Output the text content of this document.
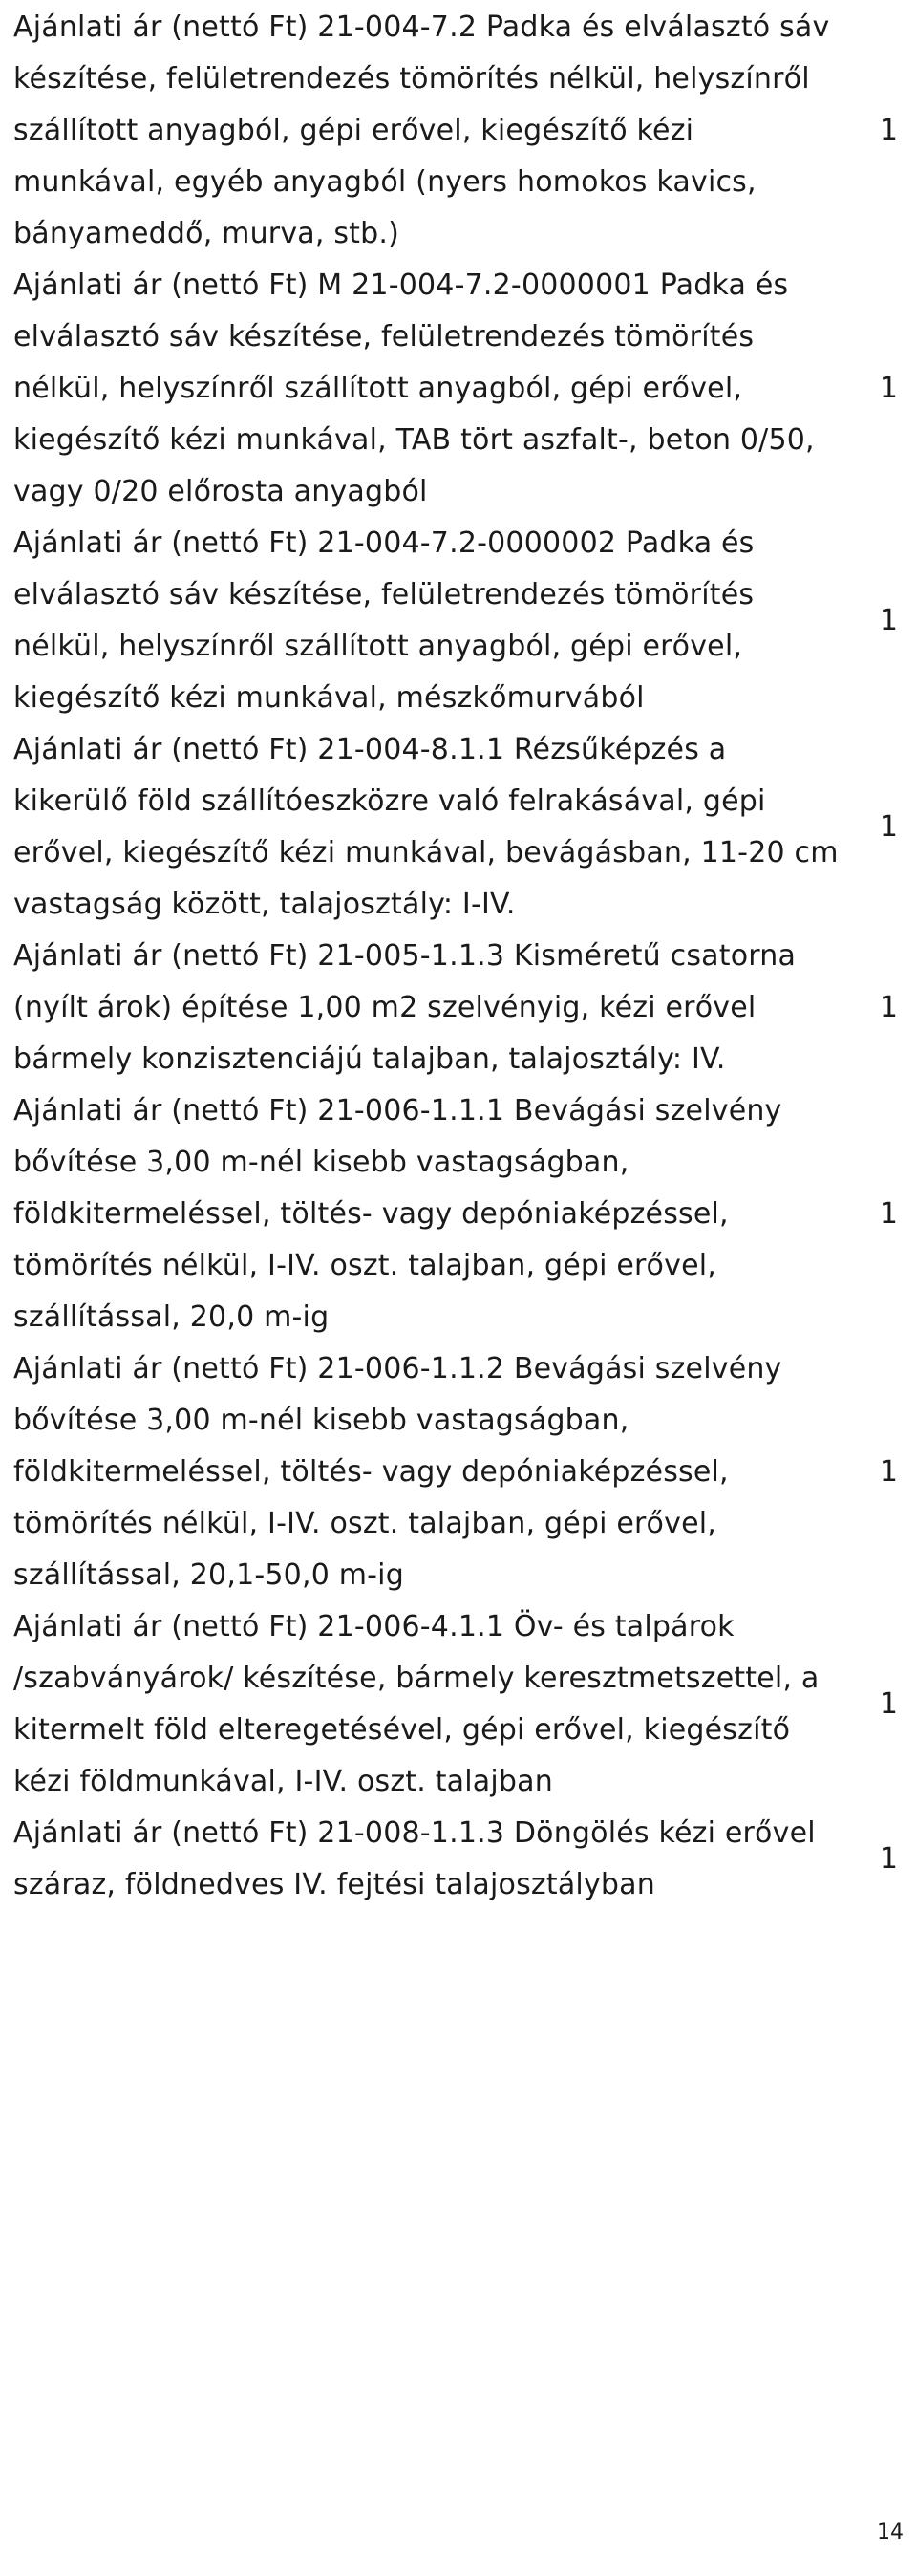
Ajánlati ár (nettó Ft) 21-004-7.2 Padka és elválasztó sáv készítése, felületrendezés tömörítés nélkül, helyszínről szállított anyagból, gépi erővel, kiegészítő kézi munkával, egyéb anyagból (nyers homokos kavics, bányameddő, murva, stb.)
1
Ajánlati ár (nettó Ft) M 21-004-7.2-0000001 Padka és elválasztó sáv készítése, felületrendezés tömörítés nélkül, helyszínről szállított anyagból, gépi erővel, kiegészítő kézi munkával, TAB tört aszfalt-, beton 0/50, vagy 0/20 előrosta anyagból
1
Ajánlati ár (nettó Ft) 21-004-7.2-0000002 Padka és elválasztó sáv készítése, felületrendezés tömörítés nélkül, helyszínről szállított anyagból, gépi erővel, kiegészítő kézi munkával, mészkőmurvából
1
Ajánlati ár (nettó Ft) 21-004-8.1.1 Rézsűképzés a kikerülő föld szállítóeszközre való felrakásával, gépi erővel, kiegészítő kézi munkával, bevágásban, 11-20 cm vastagság között, talajosztály: I-IV.
1
Ajánlati ár (nettó Ft) 21-005-1.1.3 Kisméretű csatorna (nyílt árok) építése 1,00 m2 szelvényig, kézi erővel bármely konzisztenciájú talajban, talajosztály: IV.
1
Ajánlati ár (nettó Ft) 21-006-1.1.1 Bevágási szelvény bővítése 3,00 m-nél kisebb vastagságban, földkitermeléssel, töltés- vagy depóniaképzéssel, tömörítés nélkül, I-IV. oszt. talajban, gépi erővel, szállítással, 20,0 m-ig
1
Ajánlati ár (nettó Ft) 21-006-1.1.2 Bevágási szelvény bővítése 3,00 m-nél kisebb vastagságban, földkitermeléssel, töltés- vagy depóniaképzéssel, tömörítés nélkül, I-IV. oszt. talajban, gépi erővel, szállítással, 20,1-50,0 m-ig
1
Ajánlati ár (nettó Ft) 21-006-4.1.1 Öv- és talpárok /szabványárok/ készítése, bármely keresztmetszettel, a kitermelt föld elteregetésével, gépi erővel, kiegészítő kézi földmunkával, I-IV. oszt. talajban
1
Ajánlati ár (nettó Ft) 21-008-1.1.3 Döngölés kézi erővel száraz, földnedves IV. fejtési talajosztályban
1
14
